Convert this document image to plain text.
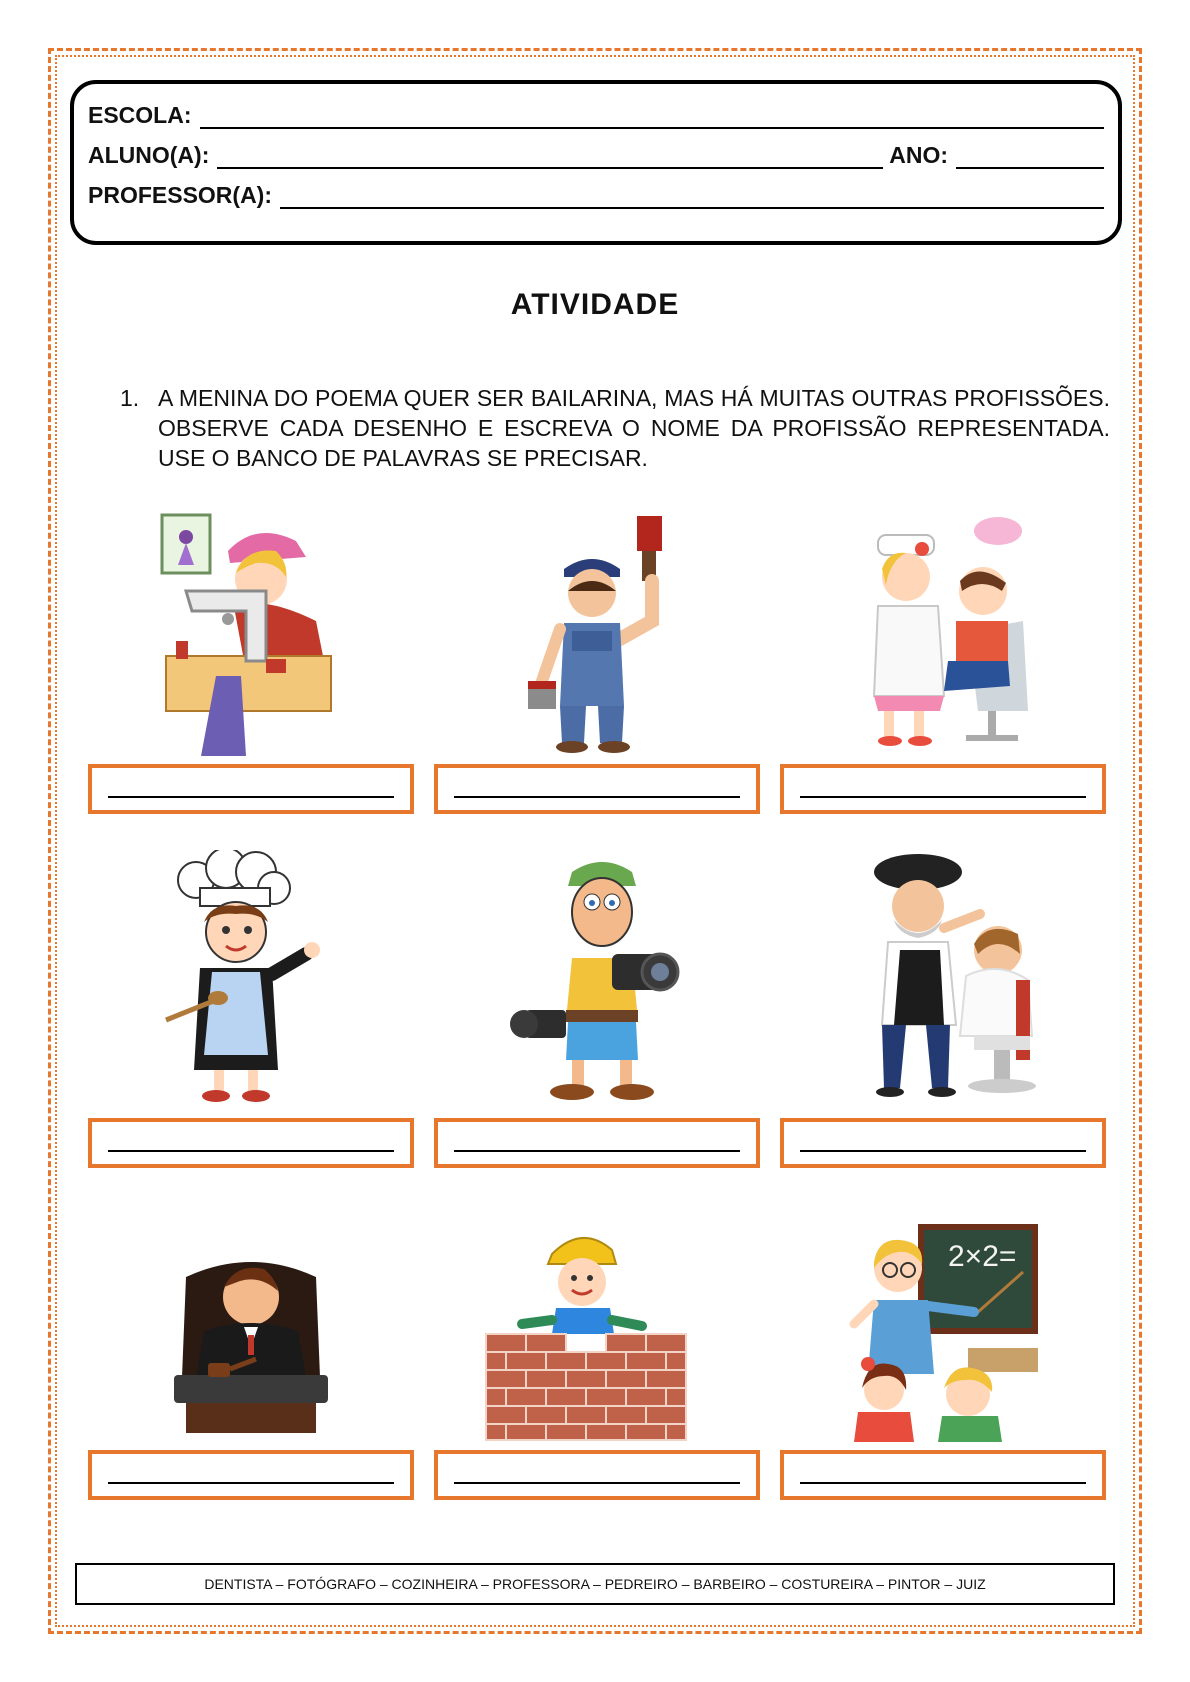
ESCOLA:
ALUNO(A):	ANO:
PROFESSOR(A):
ATIVIDADE
1. A MENINA DO POEMA QUER SER BAILARINA, MAS HÁ MUITAS OUTRAS PROFISSÕES. OBSERVE CADA DESENHO E ESCREVA O NOME DA PROFISSÃO REPRESENTADA. USE O BANCO DE PALAVRAS SE PRECISAR.
2×2=
DENTISTA – FOTÓGRAFO – COZINHEIRA – PROFESSORA – PEDREIRO – BARBEIRO – COSTUREIRA – PINTOR – JUIZ
